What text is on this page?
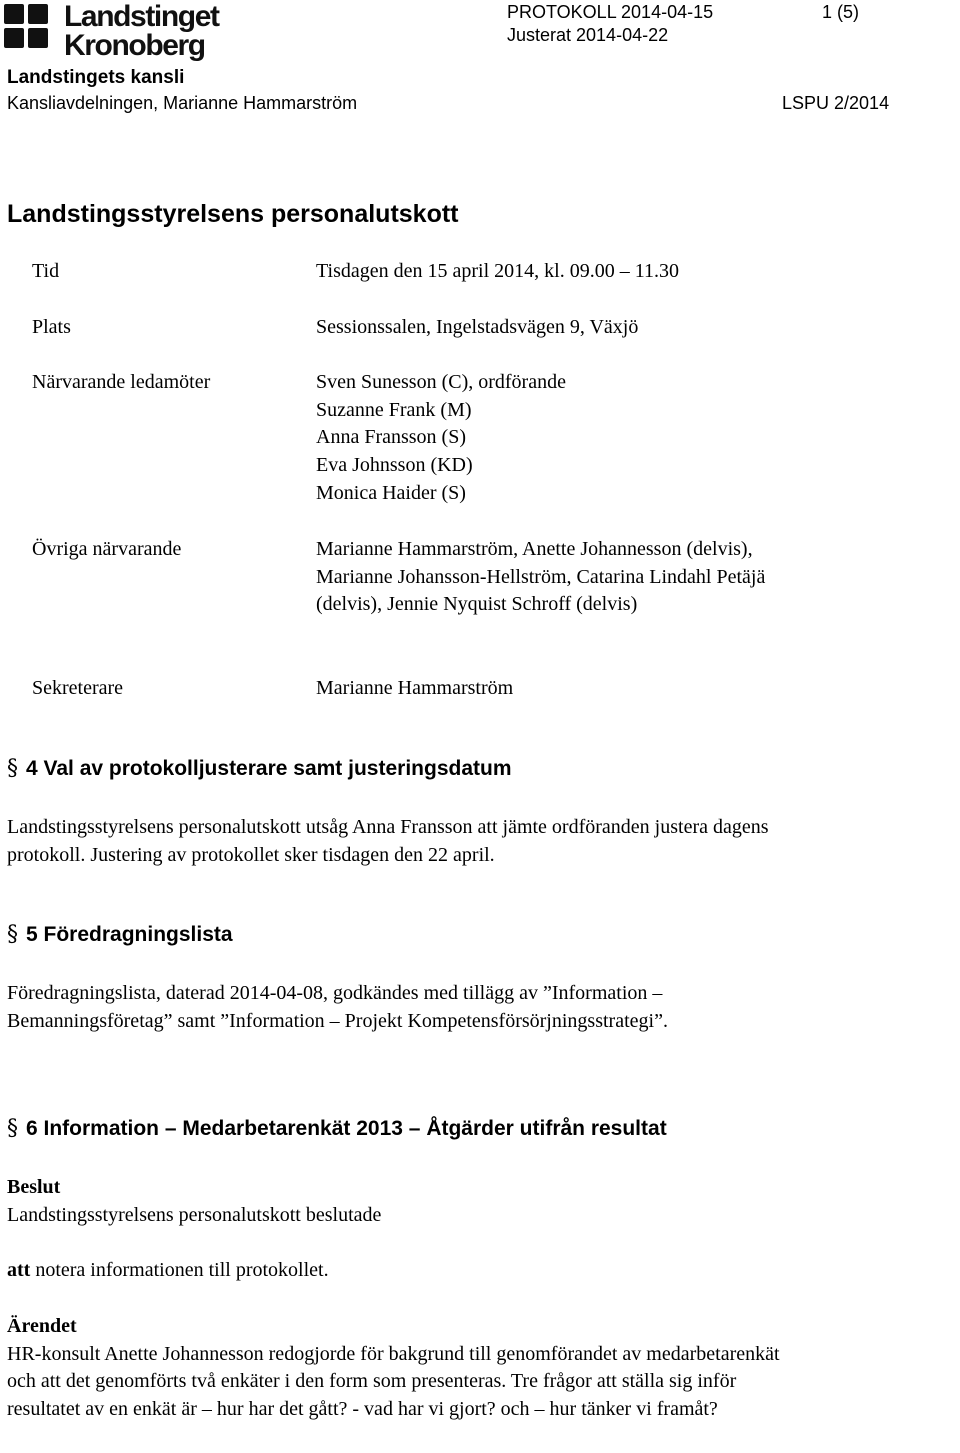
Landstinget
Kronoberg
PROTOKOLL 2014-04-15	1 (5)
Justerat 2014-04-22
Landstingets kansli
Kansliavdelningen, Marianne Hammarström	LSPU 2/2014
Landstingsstyrelsens personalutskott
Tid	Tisdagen den 15 april 2014, kl. 09.00 – 11.30
Plats	Sessionssalen, Ingelstadsvägen 9, Växjö
Närvarande ledamöter	Sven Sunesson (C), ordförande
Suzanne Frank (M)
Anna Fransson (S)
Eva Johnsson (KD)
Monica Haider (S)
Övriga närvarande	Marianne Hammarström, Anette Johannesson (delvis), Marianne Johansson-Hellström, Catarina Lindahl Petäjä (delvis), Jennie Nyquist Schroff (delvis)
Sekreterare	Marianne Hammarström
§ 4 Val av protokolljusterare samt justeringsdatum

Landstingsstyrelsens personalutskott utsåg Anna Fransson att jämte ordföranden justera dagens protokoll. Justering av protokollet sker tisdagen den 22 april.

§ 5 Föredragningslista

Föredragningslista, daterad 2014-04-08, godkändes med tillägg av ”Information – Bemanningsföretag” samt ”Information – Projekt Kompetensförsörjningsstrategi”.

§ 6 Information – Medarbetarenkät 2013 – Åtgärder utifrån resultat
Beslut
Landstingsstyrelsens personalutskott beslutade
att notera informationen till protokollet.
Ärendet

HR-konsult Anette Johannesson redogjorde för bakgrund till genomförandet av medarbetarenkät och att det genomförts två enkäter i den form som presenteras. Tre frågor att ställa sig inför resultatet av en enkät är – hur har det gått? - vad har vi gjort? och – hur tänker vi framåt?
